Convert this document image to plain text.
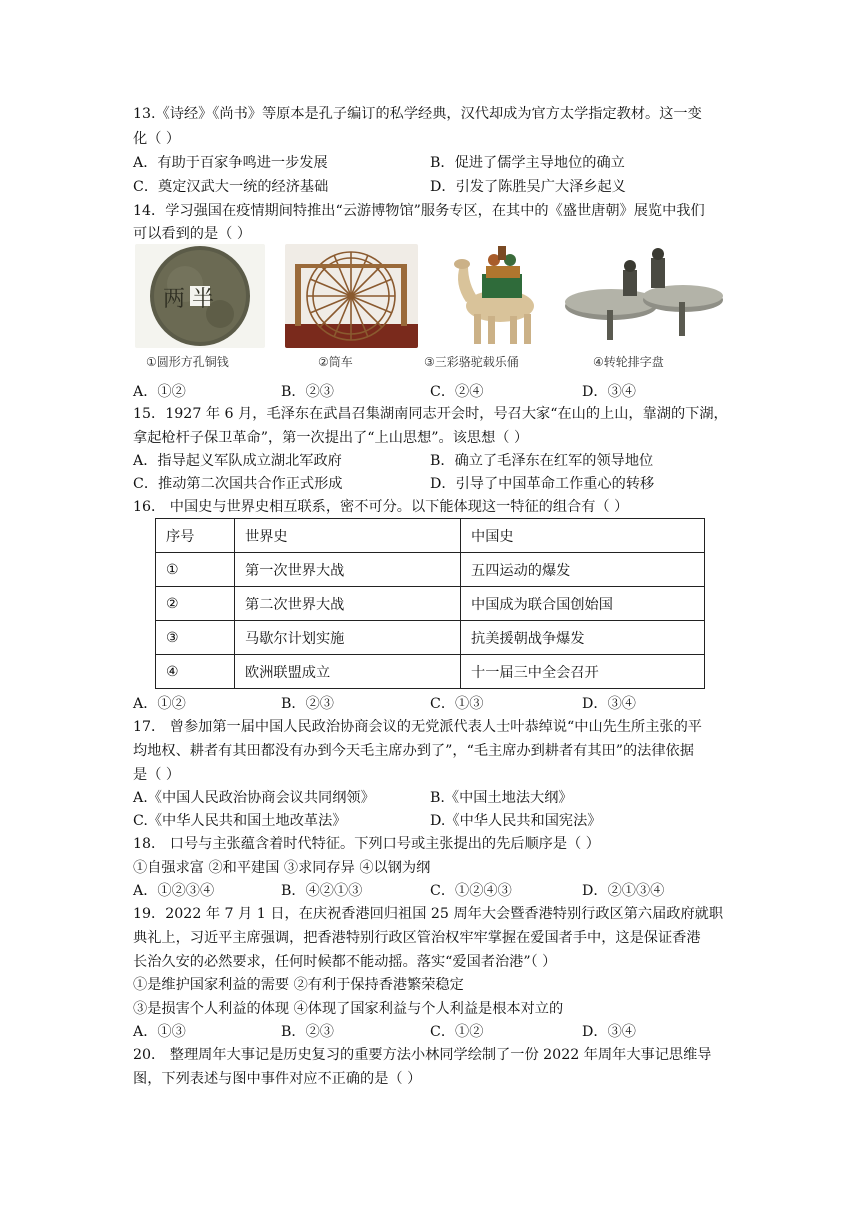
13.《诗经》《尚书》等原本是孔子编订的私学经典，汉代却成为官方太学指定教材。这一变
化（ ）
A．有助于百家争鸣进一步发展	B．促进了儒学主导地位的确立
C．奠定汉武大一统的经济基础	D．引发了陈胜吴广大泽乡起义
14．学习强国在疫情期间特推出“云游博物馆”服务专区，在其中的《盛世唐朝》展览中我们
可以看到的是（ ）
两 半
①圆形方孔铜钱	②筒车	③三彩骆驼载乐俑	④转轮排字盘
A．①②	B．②③	C．②④	D．③④
15．1927 年 6 月，毛泽东在武昌召集湖南同志开会时，号召大家“在山的上山，靠湖的下湖，
拿起枪杆子保卫革命”，第一次提出了“上山思想”。该思想（ ）
A．指导起义军队成立湖北军政府	B．确立了毛泽东在红军的领导地位
C．推动第二次国共合作正式形成	D．引导了中国革命工作重心的转移
16． 中国史与世界史相互联系，密不可分。以下能体现这一特征的组合有（ ）
序号	世界史	中国史
①	第一次世界大战	五四运动的爆发
②	第二次世界大战	中国成为联合国创始国
③	马歇尔计划实施	抗美援朝战争爆发
④	欧洲联盟成立	十一届三中全会召开
A．①②	B．②③	C．①③	D．③④
17． 曾参加第一届中国人民政治协商会议的无党派代表人士叶恭绰说“中山先生所主张的平
均地权、耕者有其田都没有办到今天毛主席办到了”，“毛主席办到耕者有其田”的法律依据
是（ ）
A.《中国人民政治协商会议共同纲领》	B.《中国土地法大纲》
C.《中华人民共和国土地改革法》	D.《中华人民共和国宪法》
18． 口号与主张蕴含着时代特征。下列口号或主张提出的先后顺序是（ ）
①自强求富 ②和平建国 ③求同存异 ④以钢为纲
A．①②③④	B．④②①③	C．①②④③	D．②①③④
19．2022 年 7 月 1 日，在庆祝香港回归祖国 25 周年大会暨香港特别行政区第六届政府就职
典礼上，习近平主席强调，把香港特别行政区管治权牢牢掌握在爱国者手中，这是保证香港
长治久安的必然要求，任何时候都不能动摇。落实“爱国者治港”（ ）
①是维护国家利益的需要 ②有利于保持香港繁荣稳定
③是损害个人利益的体现 ④体现了国家利益与个人利益是根本对立的
A．①③	B．②③	C．①②	D．③④
20． 整理周年大事记是历史复习的重要方法小林同学绘制了一份 2022 年周年大事记思维导
图，下列表述与图中事件对应不正确的是（ ）
